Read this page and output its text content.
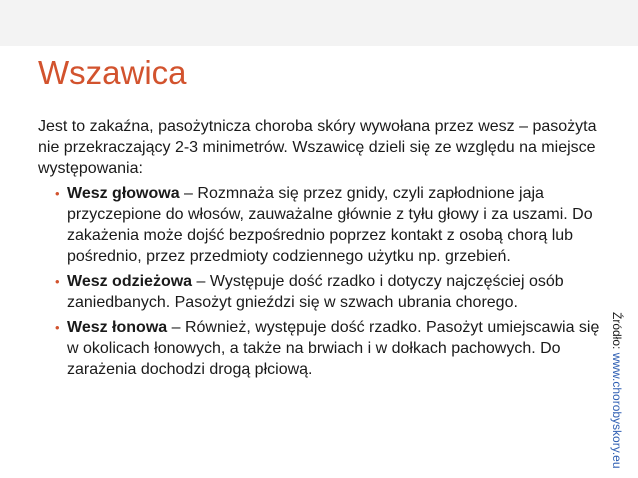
Wszawica

Jest to zakaźna, pasożytnicza choroba skóry wywołana przez wesz – pasożyta nie przekraczający 2-3 minimetrów. Wszawicę dzieli się ze względu na miejsce występowania:

• Wesz głowowa – Rozmnaża się przez gnidy, czyli zapłodnione jaja przyczepione do włosów, zauważalne głównie z tyłu głowy i za uszami. Do zakażenia może dojść bezpośrednio poprzez kontakt z osobą chorą lub pośrednio, przez przedmioty codziennego użytku np. grzebień.
• Wesz odzieżowa – Występuje dość rzadko i dotyczy najczęściej osób zaniedbanych. Pasożyt gnieździ się w szwach ubrania chorego.
• Wesz łonowa – Również, występuje dość rzadko. Pasożyt umiejscawia się w okolicach łonowych, a także na brwiach i w dołkach pachowych. Do zarażenia dochodzi drogą płciową.
Źródło: www.chorobyskory.eu
